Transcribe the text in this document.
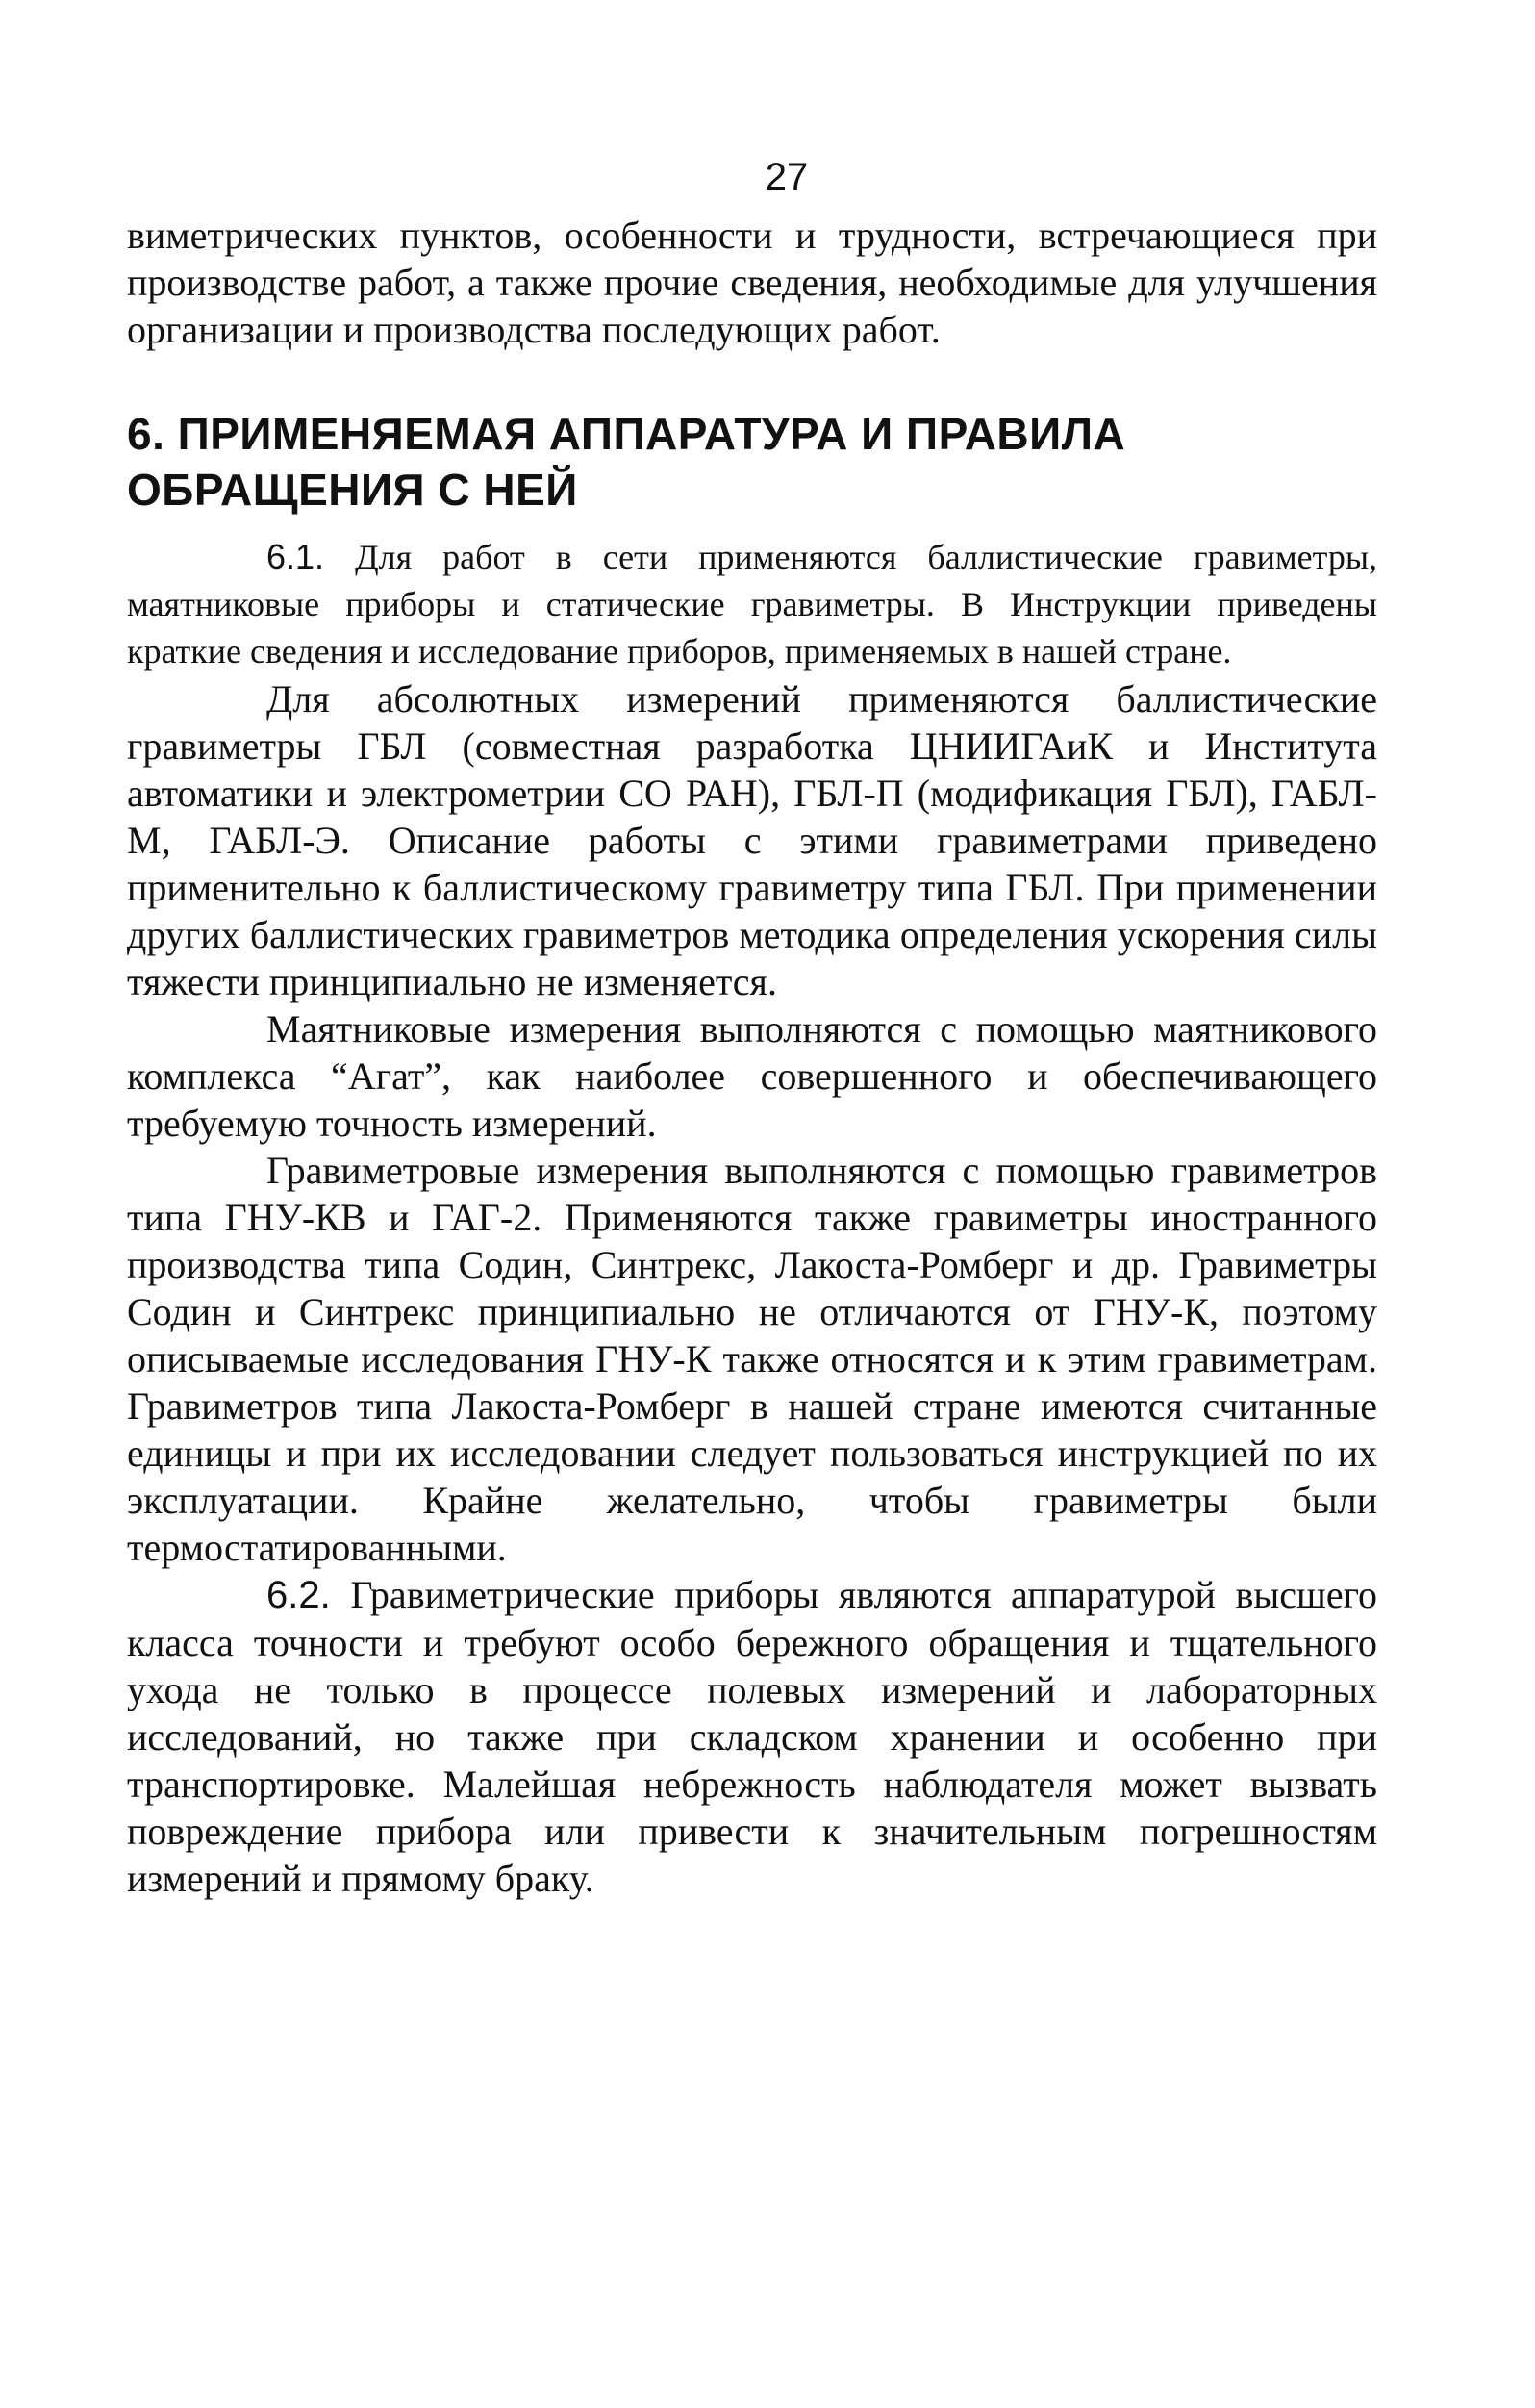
27

виметрических пунктов, особенности и трудности, встречающиеся при производстве работ, а также прочие сведения, необходимые для улучшения организации и производства последующих работ.

6. ПРИМЕНЯЕМАЯ АППАРАТУРА И ПРАВИЛА ОБРАЩЕНИЯ С НЕЙ

6.1. Для работ в сети применяются баллистические гравиметры, маятниковые приборы и статические гравиметры. В Инструкции приведены краткие сведения и исследование приборов, применяемых в нашей стране.

Для абсолютных измерений применяются баллистические гравиметры ГБЛ (совместная разработка ЦНИИГАиК и Института автоматики и электрометрии СО РАН), ГБЛ-П (модификация ГБЛ), ГАБЛ-М, ГАБЛ-Э. Описание работы с этими гравиметрами приведено применительно к баллистическому гравиметру типа ГБЛ. При применении других баллистических гравиметров методика определения ускорения силы тяжести принципиально не изменяется.

Маятниковые измерения выполняются с помощью маятникового комплекса “Агат”, как наиболее совершенного и обеспечивающего требуемую точность измерений.

Гравиметровые измерения выполняются с помощью гравиметров типа ГНУ-КВ и ГАГ-2. Применяются также гравиметры иностранного производства типа Содин, Синтрекс, Лакоста-Ромберг и др. Гравиметры Содин и Синтрекс принципиально не отличаются от ГНУ-К, поэтому описываемые исследования ГНУ-К также относятся и к этим гравиметрам. Гравиметров типа Лакоста-Ромберг в нашей стране имеются считанные единицы и при их исследовании следует пользоваться инструкцией по их эксплуатации. Крайне желательно, чтобы гравиметры были термостатированными.

6.2. Гравиметрические приборы являются аппаратурой высшего класса точности и требуют особо бережного обращения и тщательного ухода не только в процессе полевых измерений и лабораторных исследований, но также при складском хранении и особенно при транспортировке. Малейшая небрежность наблюдателя может вызвать повреждение прибора или привести к значительным погрешностям измерений и прямому браку.
